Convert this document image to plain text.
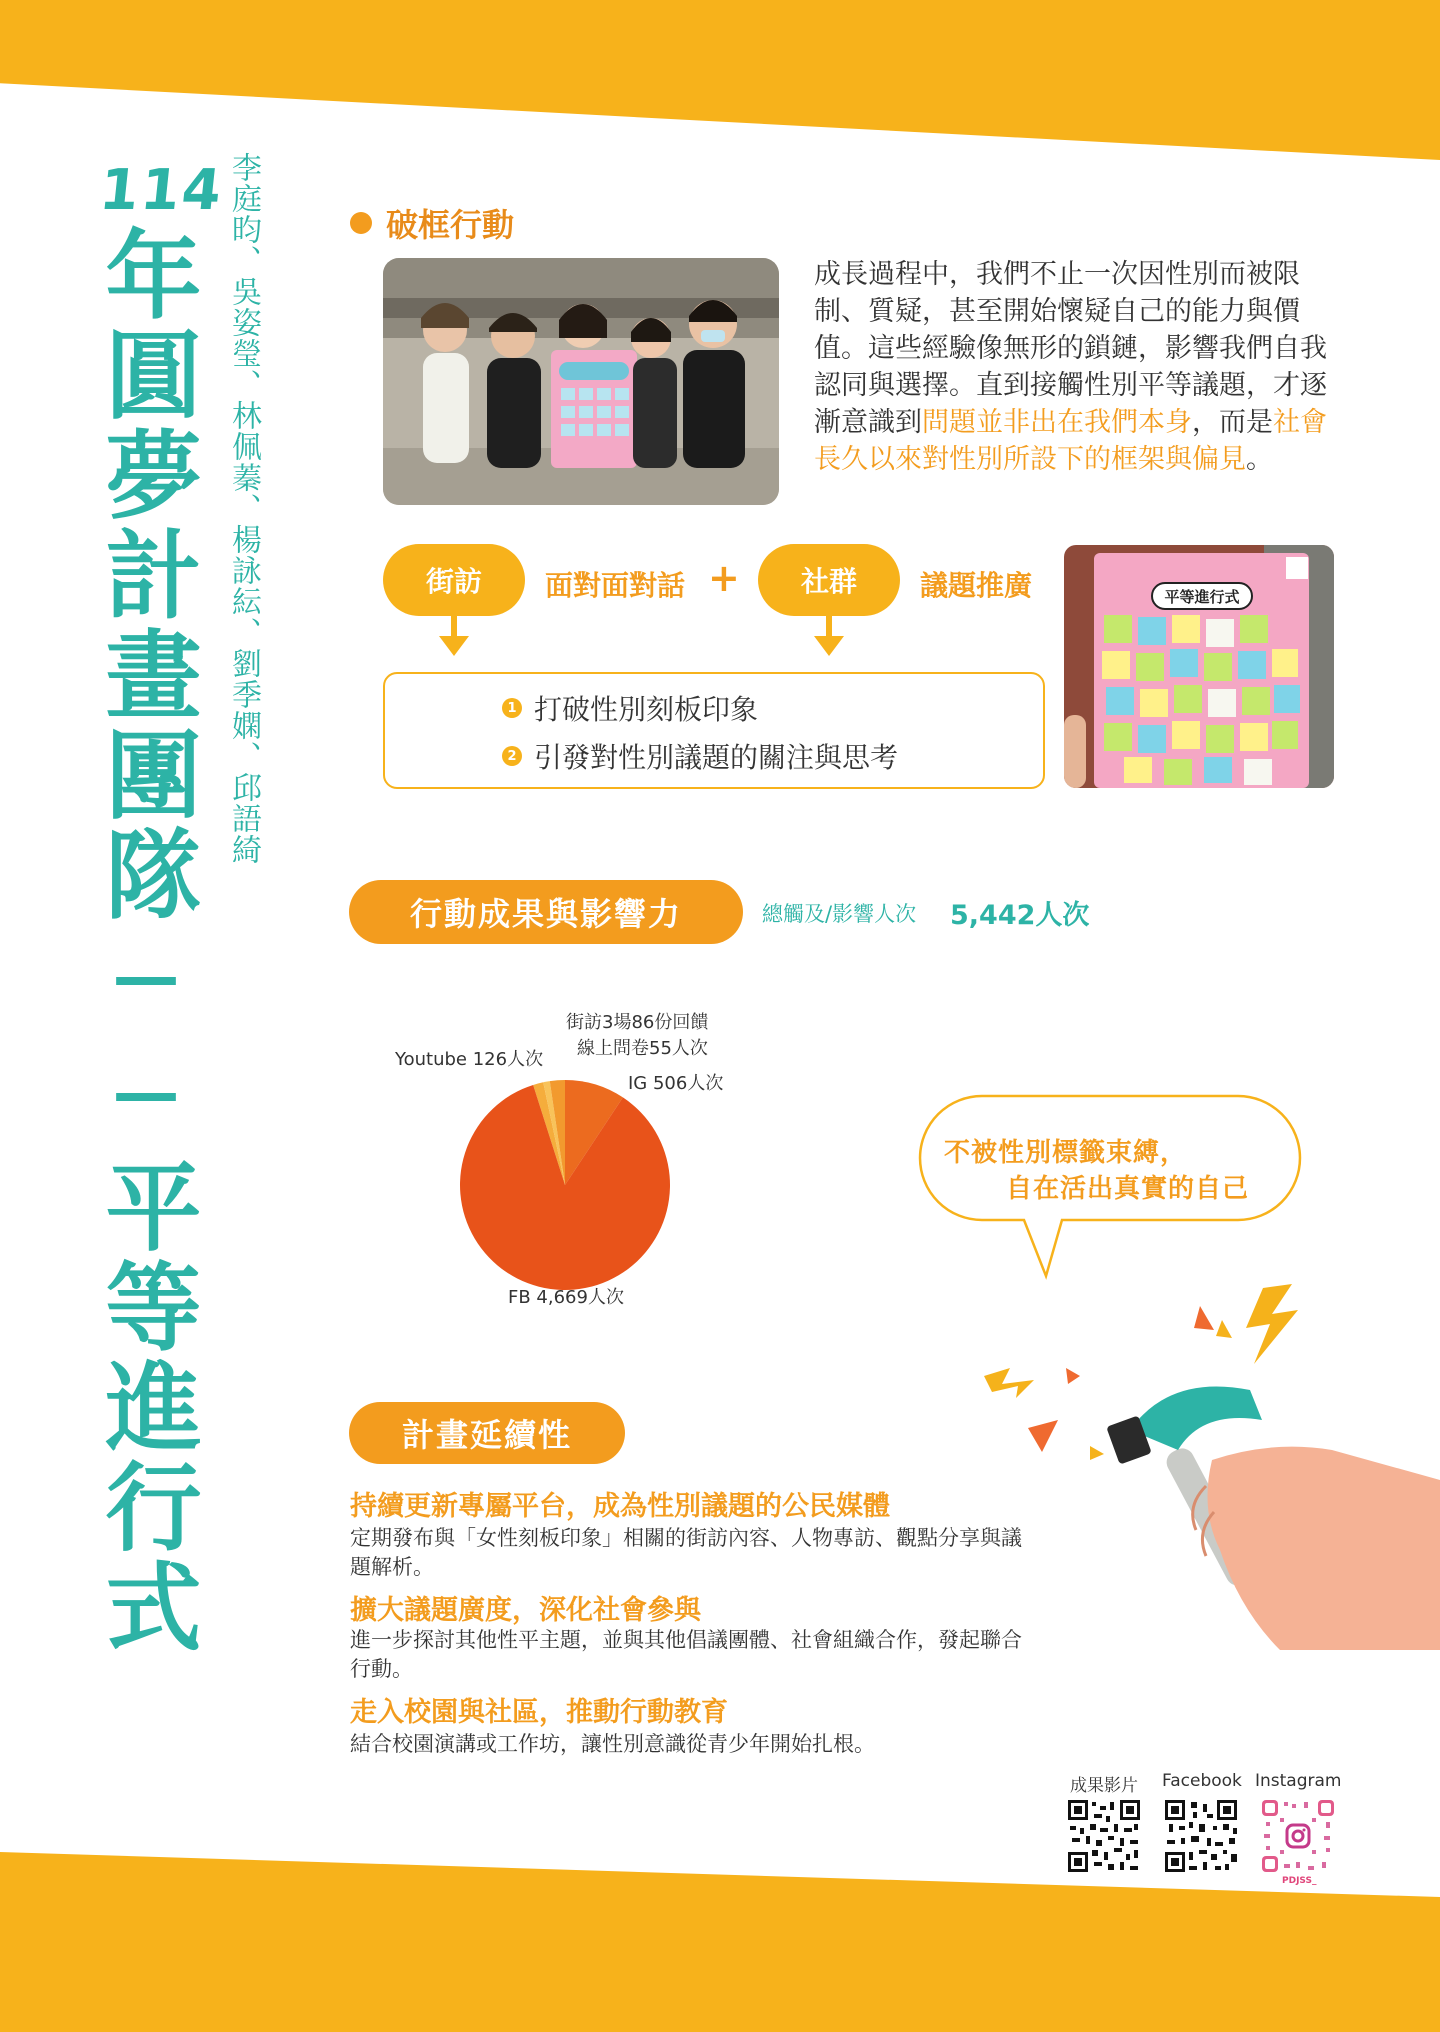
114
年圓夢計畫團隊──平等進行式 李庭昀、吳姿瑩、林佩蓁、楊詠紜、劉季嫻、邱語綺	破框行動
成長過程中，我們不止一次因性別而被限制、質疑，甚至開始懷疑自己的能力與價值。這些經驗像無形的鎖鏈，影響我們自我認同與選擇。直到接觸性別平等議題，才逐漸意識到問題並非出在我們本身，而是社會長久以來對性別所設下的框架與偏見。
街訪	面對面對話 +	社群	議題推廣
1 打破性別刻板印象
2 引發對性別議題的關注與思考
平等進行式
行動成果與影響力	總觸及/影響人次 5,442人次
街訪3場86份回饋
線上問卷55人次
Youtube 126人次
IG 506人次
FB 4,669人次
不被性別標籤束縛，
自在活出真實的自己
計畫延續性
持續更新專屬平台，成為性別議題的公民媒體
定期發布與「女性刻板印象」相關的街訪內容、人物專訪、觀點分享與議題解析。
擴大議題廣度，深化社會參與
進一步探討其他性平主題，並與其他倡議團體、社會組織合作，發起聯合行動。
走入校園與社區，推動行動教育
結合校園演講或工作坊，讓性別意識從青少年開始扎根。
成果影片 Facebook Instagram
PDJSS_
